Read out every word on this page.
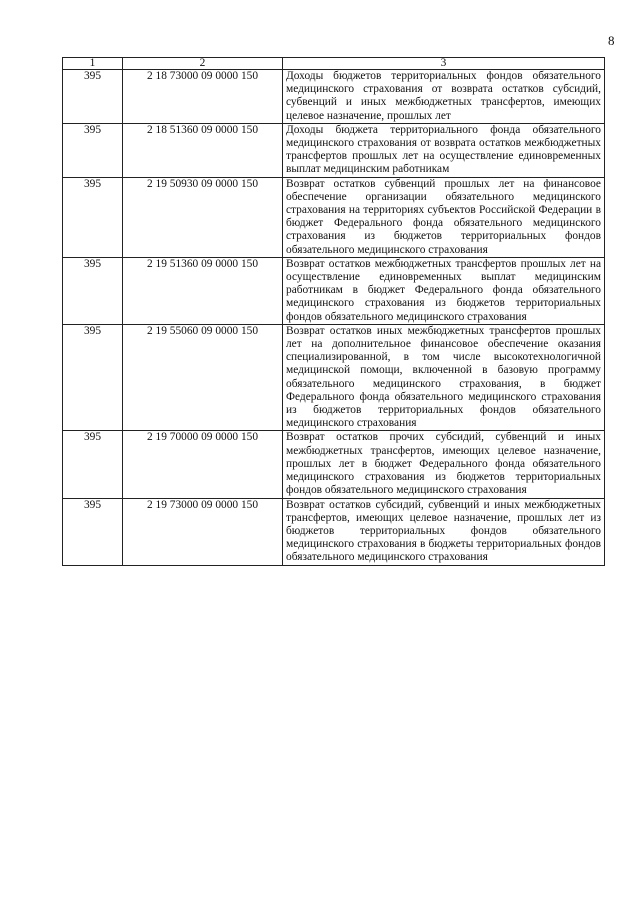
8
1	2	3
395	2 18 73000 09 0000 150	Доходы бюджетов территориальных фондов обязательного медицинского страхования от возврата остатков субсидий, субвенций и иных межбюджетных трансфертов, имеющих целевое назначение, прошлых лет
395	2 18 51360 09 0000 150	Доходы бюджета территориального фонда обязательного медицинского страхования от возврата остатков межбюджетных трансфертов прошлых лет на осуществление единовременных выплат медицинским работникам
395	2 19 50930 09 0000 150	Возврат остатков субвенций прошлых лет на финансовое обеспечение организации обязательного медицинского страхования на территориях субъектов Российской Федерации в бюджет Федерального фонда обязательного медицинского страхования из бюджетов территориальных фондов обязательного медицинского страхования
395	2 19 51360 09 0000 150	Возврат остатков межбюджетных трансфертов прошлых лет на осуществление единовременных выплат медицинским работникам в бюджет Федерального фонда обязательного медицинского страхования из бюджетов территориальных фондов обязательного медицинского страхования
395	2 19 55060 09 0000 150	Возврат остатков иных межбюджетных трансфертов прошлых лет на дополнительное финансовое обеспечение оказания специализированной, в том числе высокотехнологичной медицинской помощи, включенной в базовую программу обязательного медицинского страхования, в бюджет Федерального фонда обязательного медицинского страхования из бюджетов территориальных фондов обязательного медицинского страхования
395	2 19 70000 09 0000 150	Возврат остатков прочих субсидий, субвенций и иных межбюджетных трансфертов, имеющих целевое назначение, прошлых лет в бюджет Федерального фонда обязательного медицинского страхования из бюджетов территориальных фондов обязательного медицинского страхования
395	2 19 73000 09 0000 150	Возврат остатков субсидий, субвенций и иных межбюджетных трансфертов, имеющих целевое назначение, прошлых лет из бюджетов территориальных фондов обязательного медицинского страхования в бюджеты территориальных фондов обязательного медицинского страхования
